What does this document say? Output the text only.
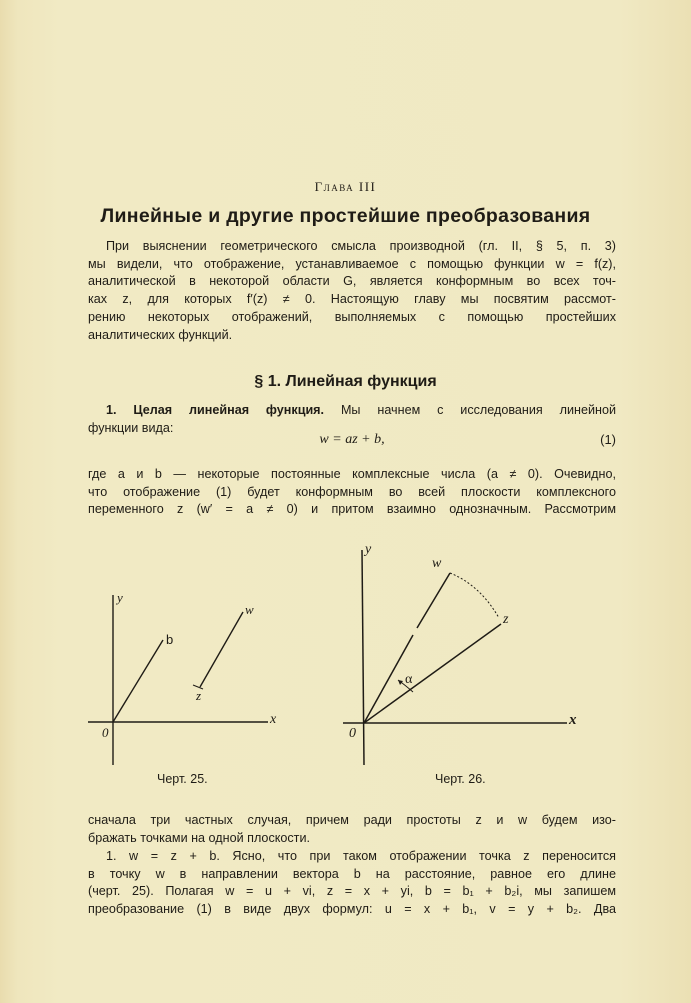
Глава III
Линейные и другие простейшие преобразования
При выяснении геометрического смысла производной (гл. II, § 5, п. 3)
мы видели, что отображение, устанавливаемое с помощью функции w = f(z),
аналитической в некоторой области G, является конформным во всех точ-
ках z, для которых f′(z) ≠ 0. Настоящую главу мы посвятим рассмот-
рению некоторых отображений, выполняемых с помощью простейших
аналитических функций.
§ 1. Линейная функция
1. Целая линейная функция. Мы начнем с исследования линейной
функции вида:
w = az + b,	(1)
где a и b — некоторые постоянные комплексные числа (a ≠ 0). Очевидно,
что отображение (1) будет конформным во всей плоскости комплексного
переменного z (w′ = a ≠ 0) и притом взаимно однозначным. Рассмотрим
y
x
0
b
z
w
Черт. 25.
y
x
0
w
z
α
Черт. 26.
сначала три частных случая, причем ради простоты z и w будем изо-
бражать точками на одной плоскости.
1. w = z + b. Ясно, что при таком отображении точка z переносится
в точку w в направлении вектора b на расстояние, равное его длине
(черт. 25). Полагая w = u + vi, z = x + yi, b = b₁ + b₂i, мы запишем
преобразование (1) в виде двух формул: u = x + b₁, v = y + b₂. Два
